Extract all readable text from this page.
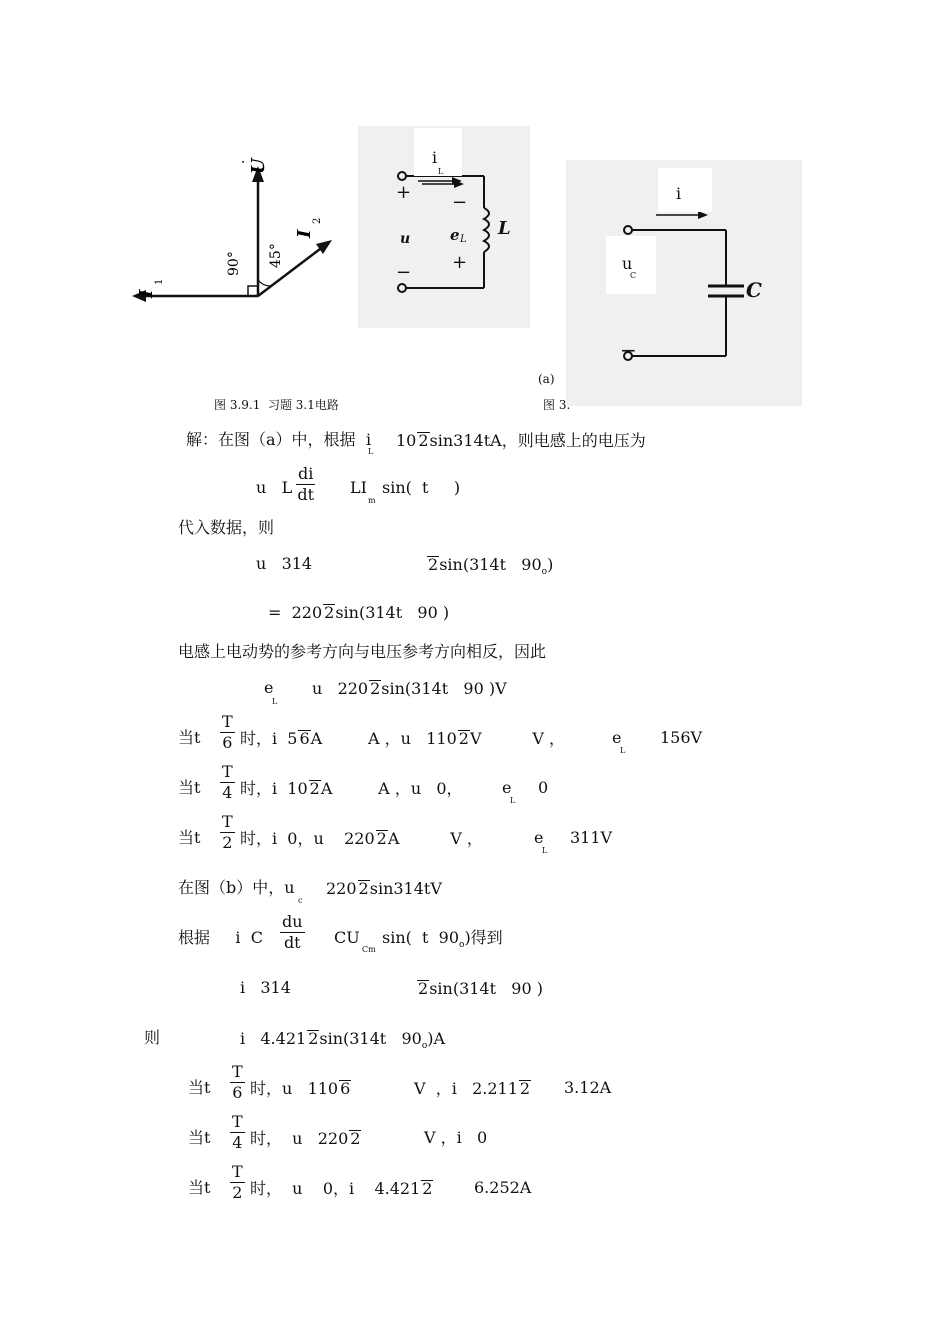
U
·
I
1
I
2
90° 45°
i
L
+ −
u	e L
L
+
−
(a)
i
u
C
C
−
图 3.9.1  习题 3.1电路	图 3.
解：在图（a）中，根据 i
L
10 2sin314tA，则电感上的电压为
u   L $\frac{di}{dt}$ LI
m
sin(  t     )
代入数据，则
u   314	2sin(314t   $90_o$)
=  220 2sin(314t   90 )
电感上电动势的参考方向与电压参考方向相反，因此
e
L
u   220 2sin(314t   90 )V
当t $\frac{T}{6}$ 时，i  5 6A         A ，u   110 2V          V ，	e
L
156V
当t $\frac{T}{4}$ 时，i  10 2A         A ，u   0， e
L
0
当t $\frac{T}{2}$ 时，i  0，u    220 2A          V ，	e
L
311V
在图（b）中，u
c
220 2sin314tV
根据     i  C $\frac{du}{dt}$ CU
Cm
sin(  t  $90_o$)得到
i   314	2sin(314t   90 )
则	i   4.421 2sin(314t   $90_o)A$
当t $\frac{T}{6}$ 时，u   110 6	V  ，i   2.211 2 3.12A
当t $\frac{T}{4}$ 时，  u   220 2	V ，i   0
当t $\frac{T}{2}$ 时，  u    0，i    4.421 2	6.252A
